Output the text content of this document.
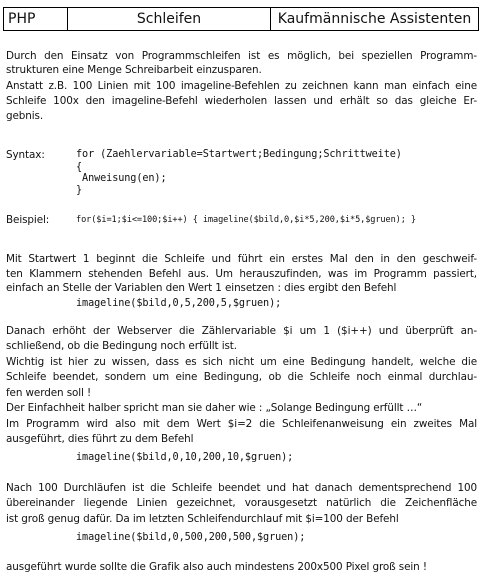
PHP	Schleifen	Kaufmännische Assistenten
Durch den Einsatz von Programmschleifen ist es möglich, bei speziellen Programm-
strukturen eine Menge Schreibarbeit einzusparen.
Anstatt z.B. 100 Linien mit 100 imageline-Befehlen zu zeichnen kann man einfach eine
Schleife 100x den imageline-Befehl wiederholen lassen und erhält so das gleiche Er-
gebnis.
Syntax:	for (Zaehlervariable=Startwert;Bedingung;Schrittweite)
{
Anweisung(en);
}
Beispiel:	for($i=1;$i<=100;$i++) { imageline($bild,0,$i*5,200,$i*5,$gruen); }
Mit Startwert 1 beginnt die Schleife und führt ein erstes Mal den in den geschweif-
ten Klammern stehenden Befehl aus. Um herauszufinden, was im Programm passiert,
einfach an Stelle der Variablen den Wert 1 einsetzen : dies ergibt den Befehl
imageline($bild,0,5,200,5,$gruen);
Danach erhöht der Webserver die Zählervariable $i um 1 ($i++) und überprüft an-
schließend, ob die Bedingung noch erfüllt ist.
Wichtig ist hier zu wissen, dass es sich nicht um eine Bedingung handelt, welche die
Schleife beendet, sondern um eine Bedingung, ob die Schleife noch einmal durchlau-
fen werden soll !
Der Einfachheit halber spricht man sie daher wie : „Solange Bedingung erfüllt …“
Im Programm wird also mit dem Wert $i=2 die Schleifenanweisung ein zweites Mal
ausgeführt, dies führt zu dem Befehl
imageline($bild,0,10,200,10,$gruen);
Nach 100 Durchläufen ist die Schleife beendet und hat danach dementsprechend 100
übereinander liegende Linien gezeichnet, vorausgesetzt natürlich die Zeichenfläche
ist groß genug dafür. Da im letzten Schleifendurchlauf mit $i=100 der Befehl
imageline($bild,0,500,200,500,$gruen);
ausgeführt wurde sollte die Grafik also auch mindestens 200x500 Pixel groß sein !
